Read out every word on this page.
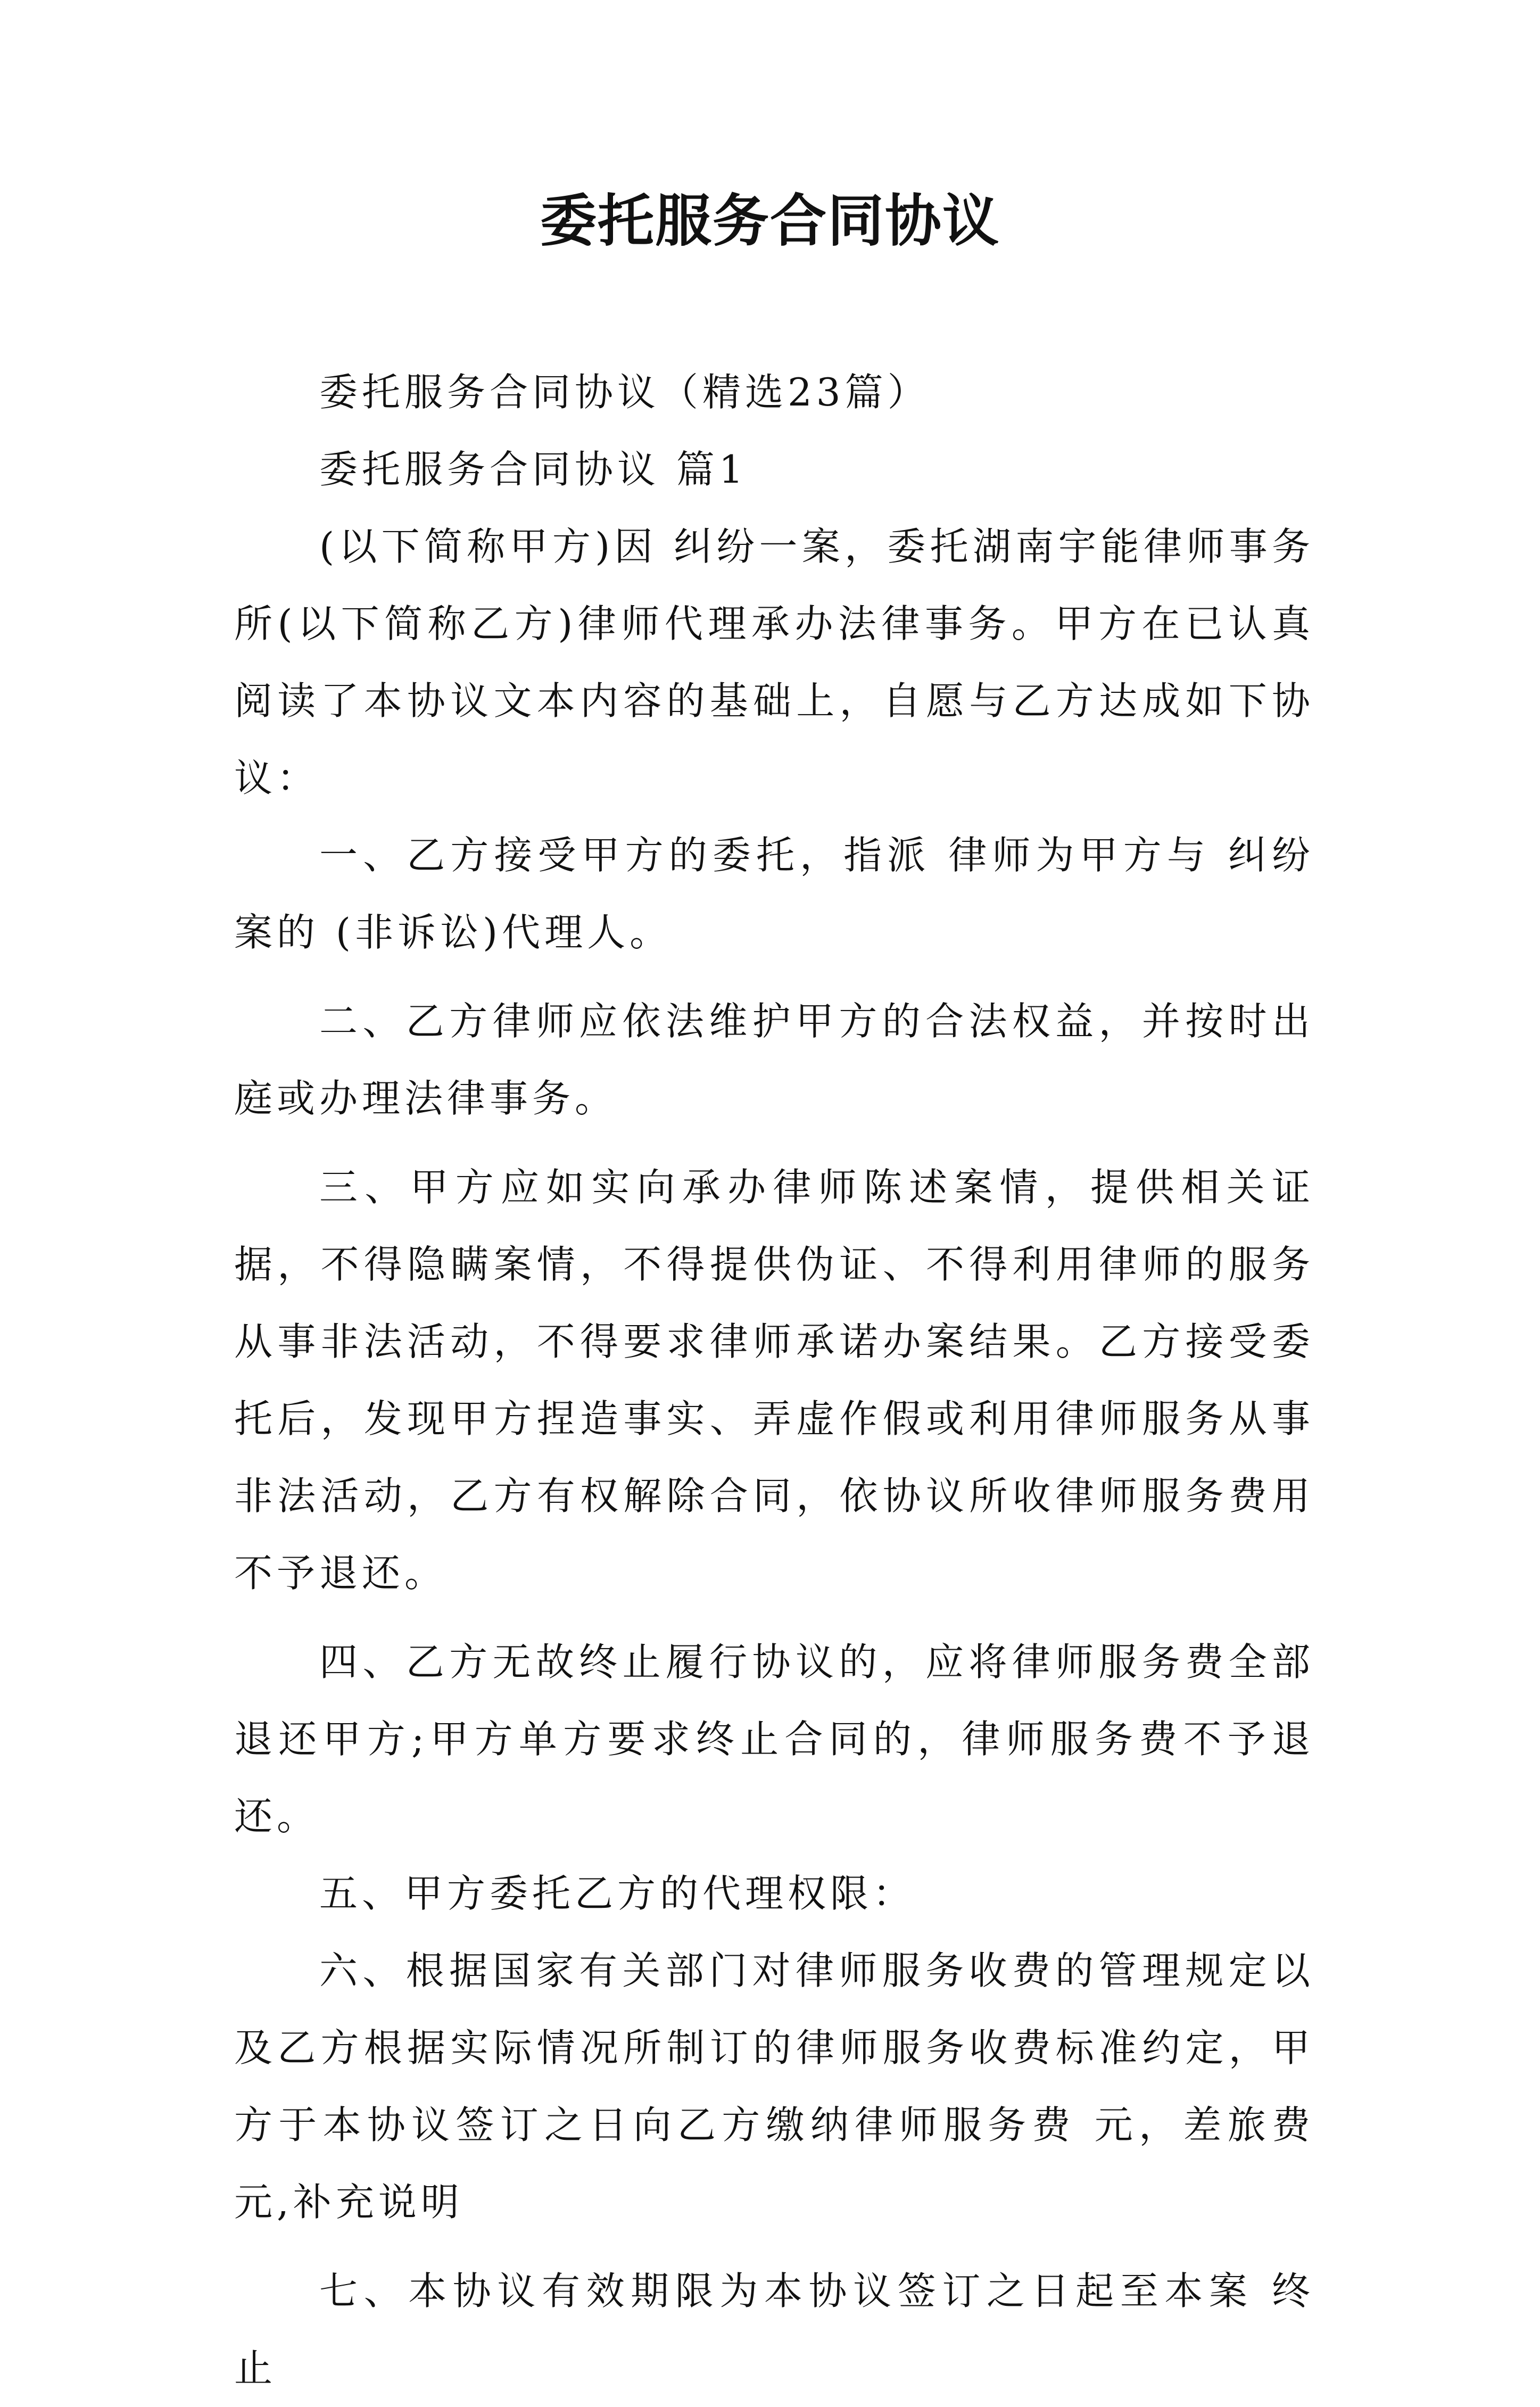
委托服务合同协议

委托服务合同协议（精选23篇）

委托服务合同协议 篇1

(以下简称甲方)因 纠纷一案，委托湖南宇能律师事务所(以下简称乙方)律师代理承办法律事务。甲方在已认真阅读了本协议文本内容的基础上，自愿与乙方达成如下协议：

一、乙方接受甲方的委托，指派 律师为甲方与 纠纷案的 (非诉讼)代理人。

二、乙方律师应依法维护甲方的合法权益，并按时出庭或办理法律事务。

三、甲方应如实向承办律师陈述案情，提供相关证据，不得隐瞒案情，不得提供伪证、不得利用律师的服务从事非法活动，不得要求律师承诺办案结果。乙方接受委托后，发现甲方捏造事实、弄虚作假或利用律师服务从事非法活动，乙方有权解除合同，依协议所收律师服务费用不予退还。

四、乙方无故终止履行协议的，应将律师服务费全部退还甲方;甲方单方要求终止合同的，律师服务费不予退还。

五、甲方委托乙方的代理权限：

六、根据国家有关部门对律师服务收费的管理规定以及乙方根据实际情况所制订的律师服务收费标准约定，甲方于本协议签订之日向乙方缴纳律师服务费 元，差旅费元,补充说明

七、本协议有效期限为本协议签订之日起至本案 终止
